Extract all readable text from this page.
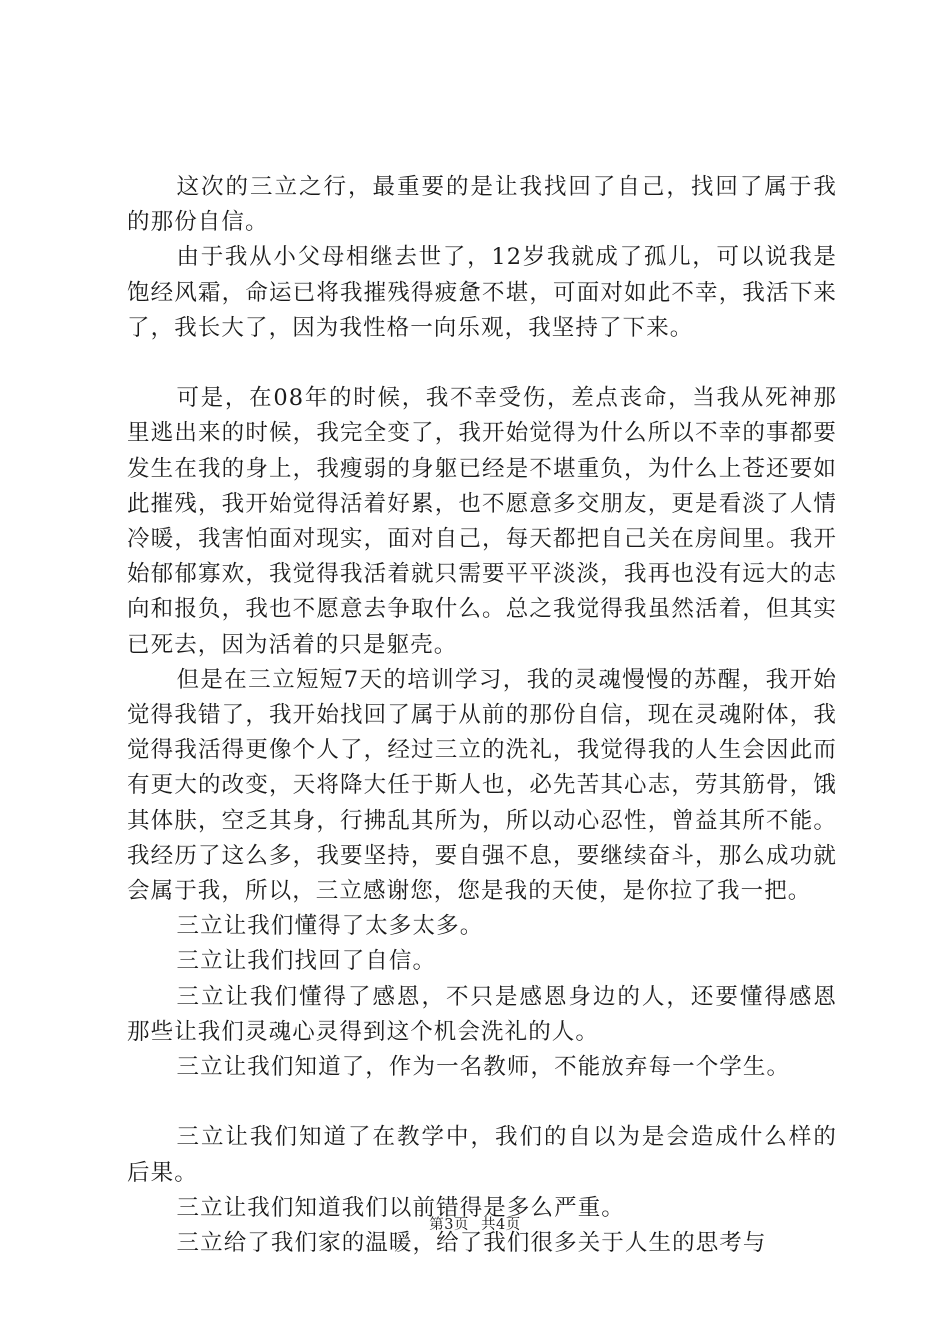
这次的三立之行，最重要的是让我找回了自己，找回了属于我的那份自信。

由于我从小父母相继去世了，12岁我就成了孤儿，可以说我是饱经风霜，命运已将我摧残得疲惫不堪，可面对如此不幸，我活下来了，我长大了，因为我性格一向乐观，我坚持了下来。

可是，在08年的时候，我不幸受伤，差点丧命，当我从死神那里逃出来的时候，我完全变了，我开始觉得为什么所以不幸的事都要发生在我的身上，我瘦弱的身躯已经是不堪重负，为什么上苍还要如此摧残，我开始觉得活着好累，也不愿意多交朋友，更是看淡了人情冷暖，我害怕面对现实，面对自己，每天都把自己关在房间里。我开始郁郁寡欢，我觉得我活着就只需要平平淡淡，我再也没有远大的志向和报负，我也不愿意去争取什么。总之我觉得我虽然活着，但其实已死去，因为活着的只是躯壳。

但是在三立短短7天的培训学习，我的灵魂慢慢的苏醒，我开始觉得我错了，我开始找回了属于从前的那份自信，现在灵魂附体，我觉得我活得更像个人了，经过三立的洗礼，我觉得我的人生会因此而有更大的改变，天将降大任于斯人也，必先苦其心志，劳其筋骨，饿其体肤，空乏其身，行拂乱其所为，所以动心忍性，曾益其所不能。我经历了这么多，我要坚持，要自强不息，要继续奋斗，那么成功就会属于我，所以，三立感谢您，您是我的天使，是你拉了我一把。

三立让我们懂得了太多太多。

三立让我们找回了自信。

三立让我们懂得了感恩，不只是感恩身边的人，还要懂得感恩那些让我们灵魂心灵得到这个机会洗礼的人。

三立让我们知道了，作为一名教师，不能放弃每一个学生。

三立让我们知道了在教学中，我们的自以为是会造成什么样的后果。

三立让我们知道我们以前错得是多么严重。

三立给了我们家的温暖，给了我们很多关于人生的思考与

第3页 共4页
